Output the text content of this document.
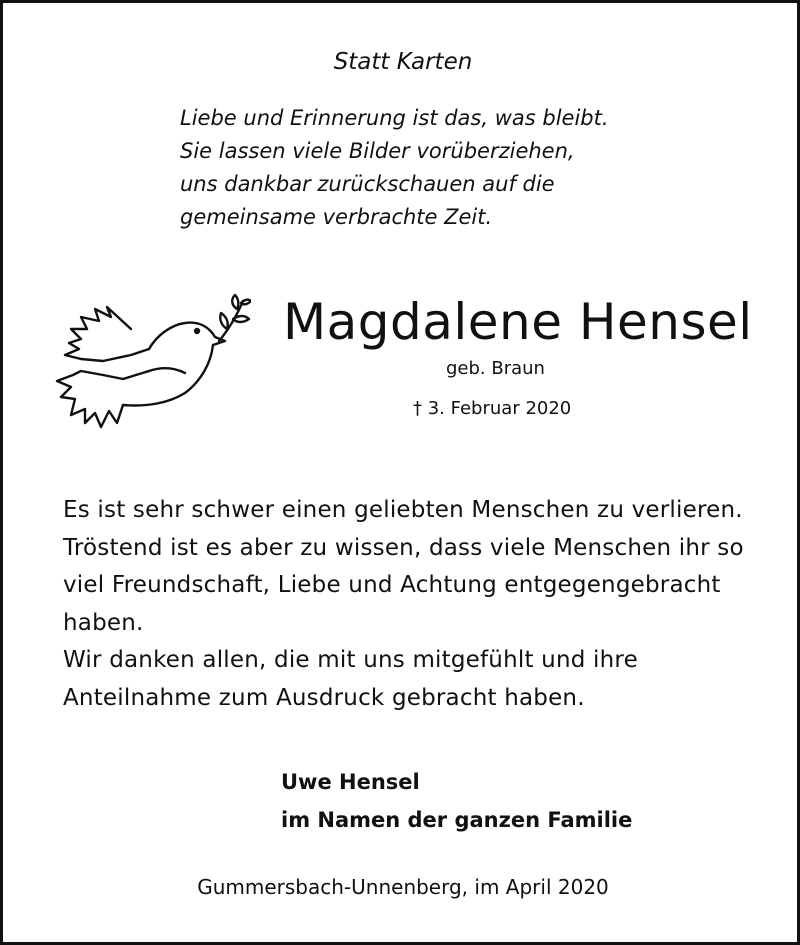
Statt Karten
Liebe und Erinnerung ist das, was bleibt.
Sie lassen viele Bilder vorüberziehen,
uns dankbar zurückschauen auf die
gemeinsame verbrachte Zeit.
Magdalene Hensel
geb. Braun
† 3. Februar 2020
Es ist sehr schwer einen geliebten Menschen zu verlieren.
Tröstend ist es aber zu wissen, dass viele Menschen ihr so
viel Freundschaft, Liebe und Achtung entgegengebracht
haben.
Wir danken allen, die mit uns mitgefühlt und ihre
Anteilnahme zum Ausdruck gebracht haben.
Uwe Hensel
im Namen der ganzen Familie
Gummersbach-Unnenberg, im April 2020
